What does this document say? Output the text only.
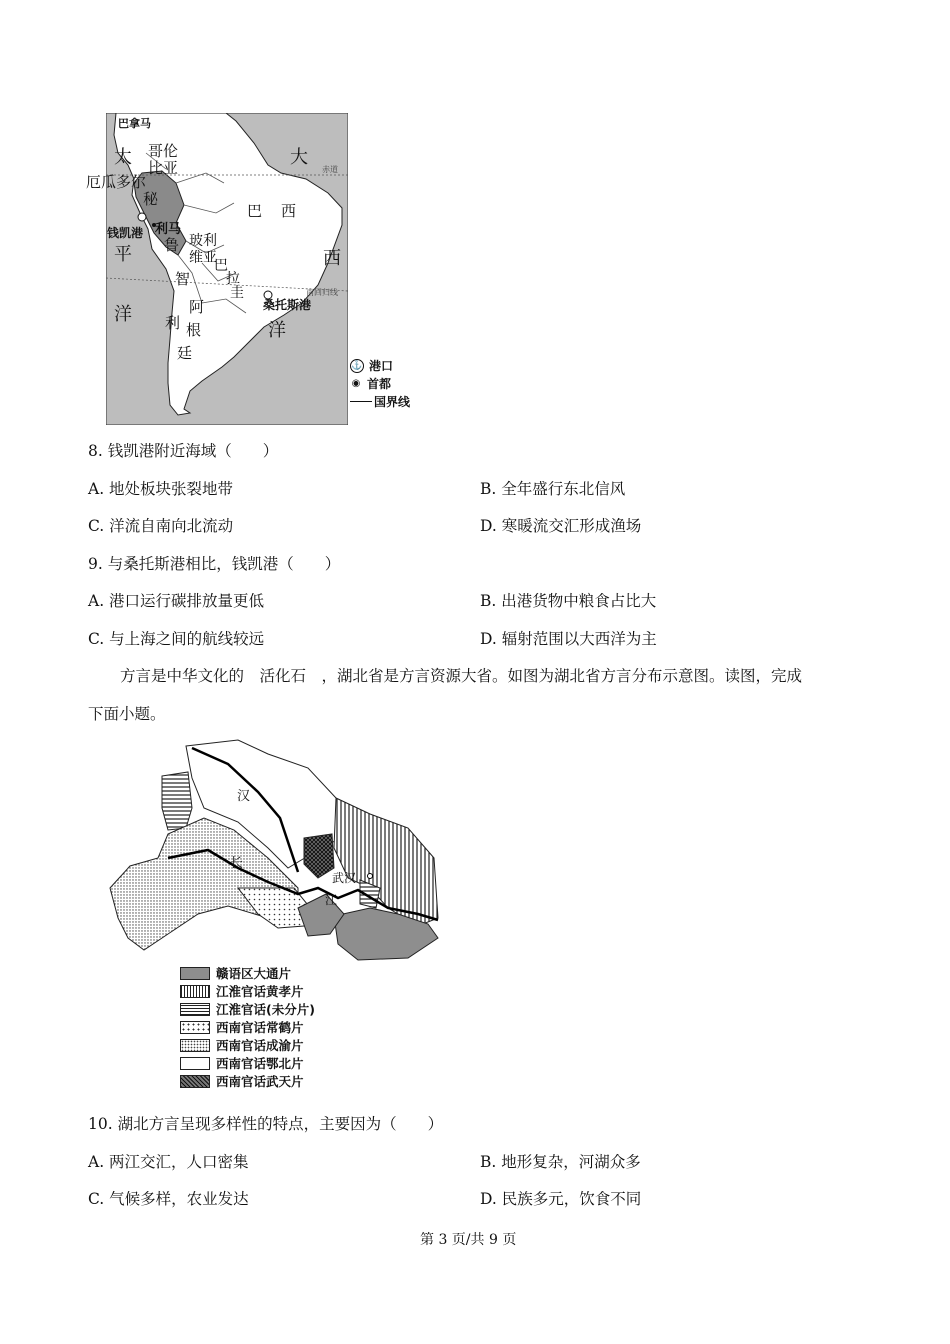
巴拿马
哥伦
比亚
厄瓜多尔
秘
利马
鲁
钱凯港
巴 西
玻利
维亚
巴
拉
圭
智
利
阿
根
廷
桑托斯港
太
平
洋
大
西
洋
赤道
南回归线
⚓ 港口
◉ 首都
国界线
8. 钱凯港附近海域（　　）
A. 地处板块张裂地带	B. 全年盛行东北信风
C. 洋流自南向北流动	D. 寒暖流交汇形成渔场
9. 与桑托斯港相比，钱凯港（　　）
A. 港口运行碳排放量更低	B. 出港货物中粮食占比大
C. 与上海之间的航线较远	D. 辐射范围以大西洋为主
方言是中华文化的　活化石　，湖北省是方言资源大省。如图为湖北省方言分布示意图。读图，完成
下面小题。
汉
长
江
武汉
赣语区大通片
江淮官话黄孝片
江淮官话(未分片)
西南官话常鹤片
西南官话成渝片
西南官话鄂北片
西南官话武天片
10. 湖北方言呈现多样性的特点，主要因为（　　）
A. 两江交汇，人口密集	B. 地形复杂，河湖众多
C. 气候多样，农业发达	D. 民族多元，饮食不同
第 3 页/共 9 页
